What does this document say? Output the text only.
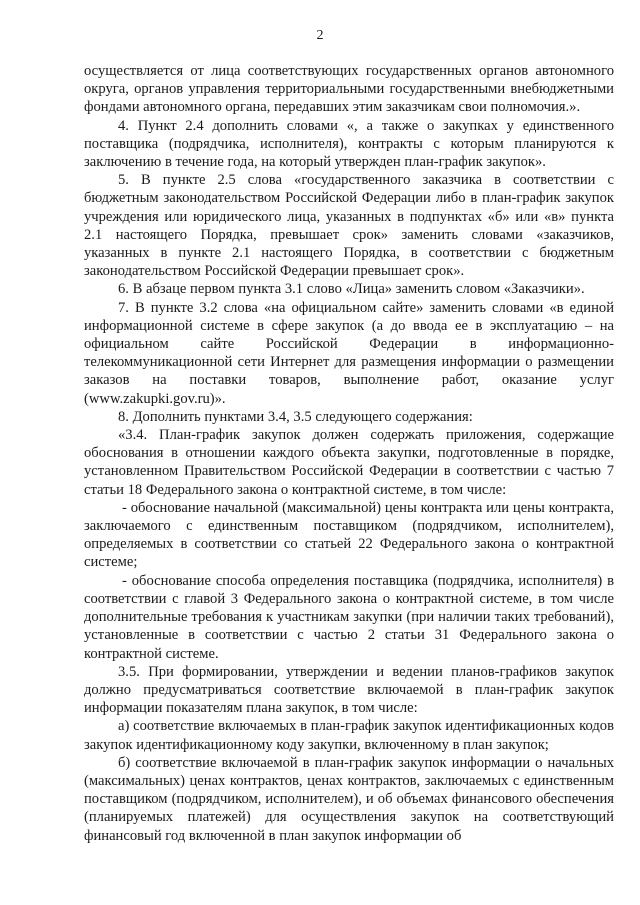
2

осуществляется от лица соответствующих государственных органов автономного округа, органов управления территориальными государственными внебюджетными фондами автономного органа, передавших этим заказчикам свои полномочия.».

4. Пункт 2.4 дополнить словами «, а также о закупках у единственного поставщика (подрядчика, исполнителя), контракты с которым планируются к заключению в течение года, на который утвержден план-график закупок».

5. В пункте 2.5 слова «государственного заказчика в соответствии с бюджетным законодательством Российской Федерации либо в план-график закупок учреждения или юридического лица, указанных в подпунктах «б» или «в» пункта 2.1 настоящего Порядка, превышает срок» заменить словами «заказчиков, указанных в пункте 2.1 настоящего Порядка, в соответствии с бюджетным законодательством Российской Федерации превышает срок».

6. В абзаце первом пункта 3.1 слово «Лица» заменить словом «Заказчики».

7. В пункте 3.2 слова «на официальном сайте» заменить словами «в единой информационной системе в сфере закупок (а до ввода ее в эксплуатацию – на официальном сайте Российской Федерации в информационно-телекоммуникационной сети Интернет для размещения информации о размещении заказов на поставки товаров, выполнение работ, оказание услуг (www.zakupki.gov.ru)».

8. Дополнить пунктами 3.4, 3.5 следующего содержания:

«3.4. План-график закупок должен содержать приложения, содержащие обоснования в отношении каждого объекта закупки, подготовленные в порядке, установленном Правительством Российской Федерации в соответствии с частью 7 статьи 18 Федерального закона о контрактной системе, в том числе:

- обоснование начальной (максимальной) цены контракта или цены контракта, заключаемого с единственным поставщиком (подрядчиком, исполнителем), определяемых в соответствии со статьей 22 Федерального закона о контрактной системе;

- обоснование способа определения поставщика (подрядчика, исполнителя) в соответствии с главой 3 Федерального закона о контрактной системе, в том числе дополнительные требования к участникам закупки (при наличии таких требований), установленные в соответствии с частью 2 статьи 31 Федерального закона о контрактной системе.

3.5. При формировании, утверждении и ведении планов-графиков закупок должно предусматриваться соответствие включаемой в план-график закупок информации показателям плана закупок, в том числе:

а) соответствие включаемых в план-график закупок идентификационных кодов закупок идентификационному коду закупки, включенному в план закупок;

б) соответствие включаемой в план-график закупок информации о начальных (максимальных) ценах контрактов, ценах контрактов, заключаемых с единственным поставщиком (подрядчиком, исполнителем), и об объемах финансового обеспечения (планируемых платежей) для осуществления закупок на соответствующий финансовый год включенной в план закупок информации об
